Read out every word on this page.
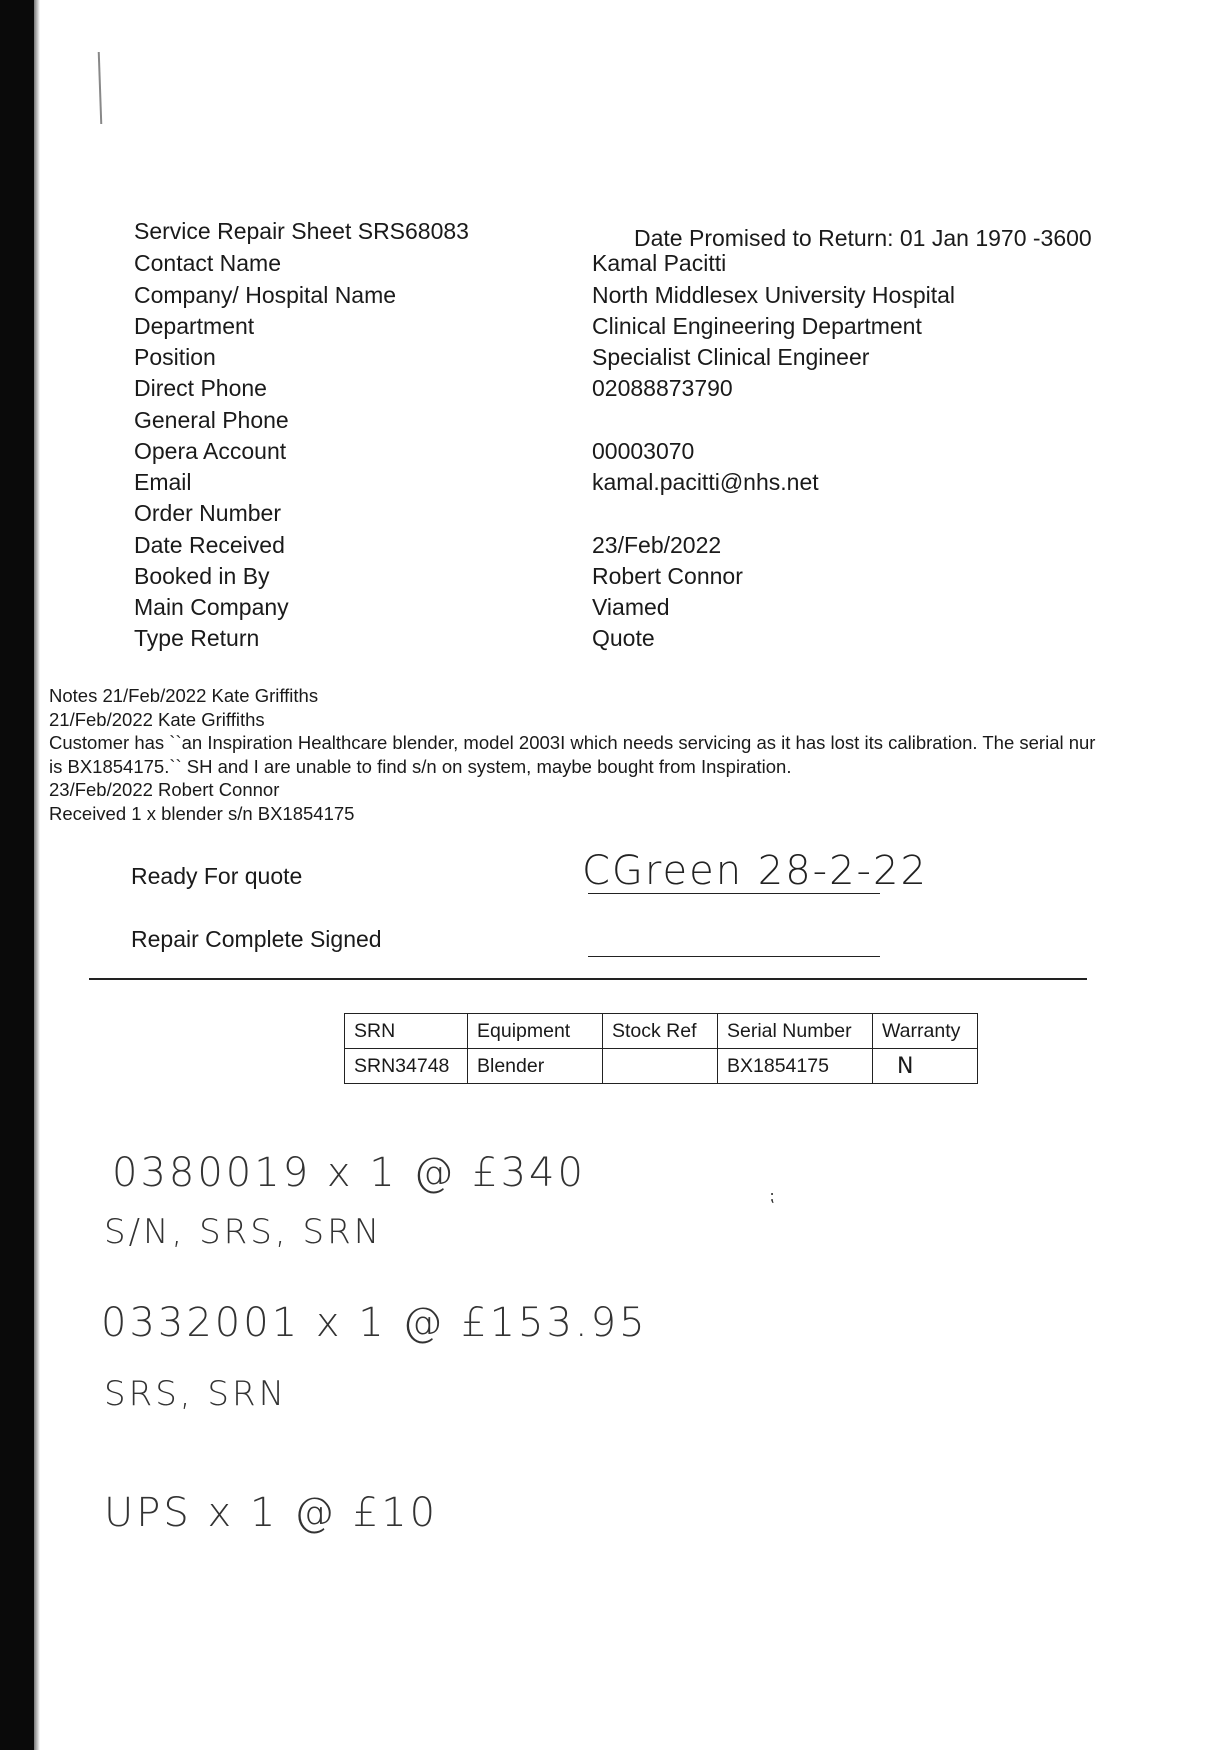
Service Repair Sheet SRS68083	Date Promised to Return: 01 Jan 1970 -3600
Contact Name	Kamal Pacitti
Company/ Hospital Name	North Middlesex University Hospital
Department	Clinical Engineering Department
Position	Specialist Clinical Engineer
Direct Phone	02088873790
General Phone
Opera Account	00003070
Email	kamal.pacitti@nhs.net
Order Number
Date Received	23/Feb/2022
Booked in By	Robert Connor
Main Company	Viamed
Type Return	Quote
Notes 21/Feb/2022 Kate Griffiths
21/Feb/2022 Kate Griffiths
Customer has ``an Inspiration Healthcare blender, model 2003I which needs servicing as it has lost its calibration. The serial nur
is BX1854175.`` SH and I are unable to find s/n on system, maybe bought from Inspiration.
23/Feb/2022 Robert Connor
Received 1 x blender s/n BX1854175
Ready For quote	CGreen 28-2-22
Repair Complete Signed
SRN	Equipment	Stock Ref	Serial Number	Warranty
SRN34748	Blender		BX1854175	N
0380019 x 1 @ £340
S/N, SRS, SRN
⁏
0332001 x 1 @ £153.95
SRS, SRN
UPS x 1 @ £10
